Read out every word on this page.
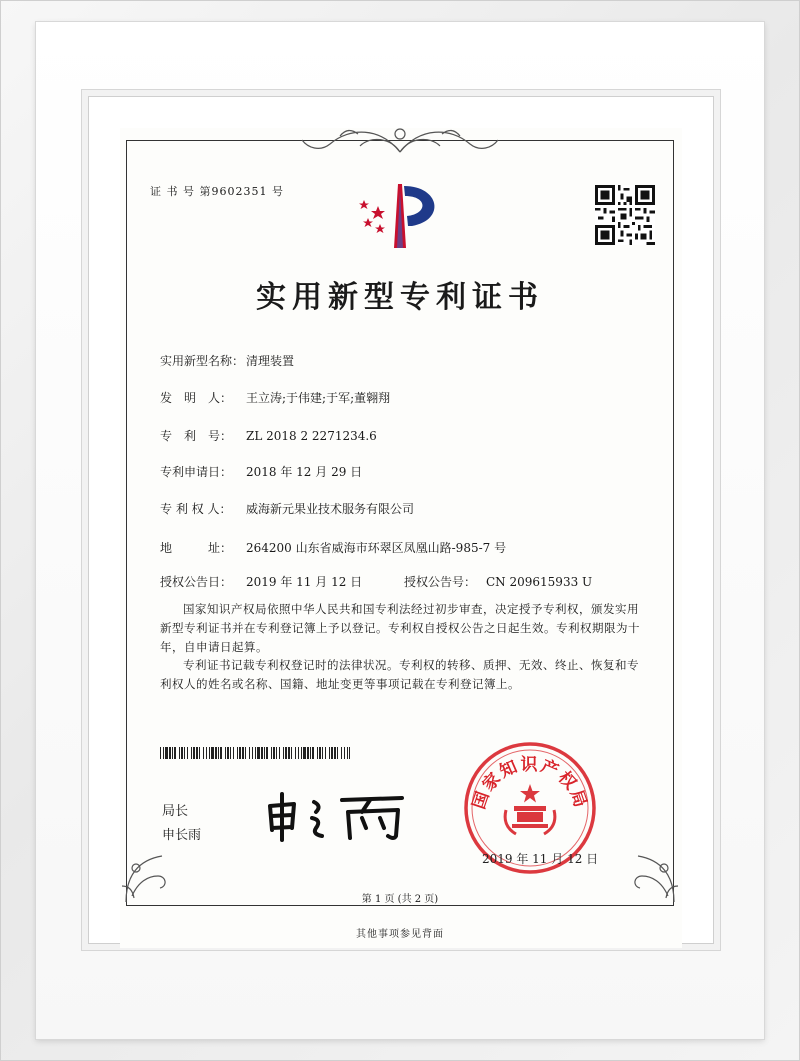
证 书 号 第9602351 号
实用新型专利证书
实用新型名称： 清理装置
发　明　人： 王立涛;于伟建;于军;董翱翔
专　利　号： ZL 2018 2 2271234.6
专利申请日： 2018 年 12 月 29 日
专 利 权 人： 威海新元果业技术服务有限公司
地　　　址： 264200 山东省威海市环翠区凤凰山路-985-7 号
授权公告日： 2019 年 11 月 12 日	授权公告号： CN 209615933 U
国家知识产权局依照中华人民共和国专利法经过初步审查，决定授予专利权，颁发实用新型专利证书并在专利登记簿上予以登记。专利权自授权公告之日起生效。专利权期限为十年，自申请日起算。
专利证书记载专利权登记时的法律状况。专利权的转移、质押、无效、终止、恢复和专利权人的姓名或名称、国籍、地址变更等事项记载在专利登记簿上。
局长
申长雨
国家知识产权局
2019 年 11 月 12 日
第 1 页 (共 2 页)
其他事项参见背面
